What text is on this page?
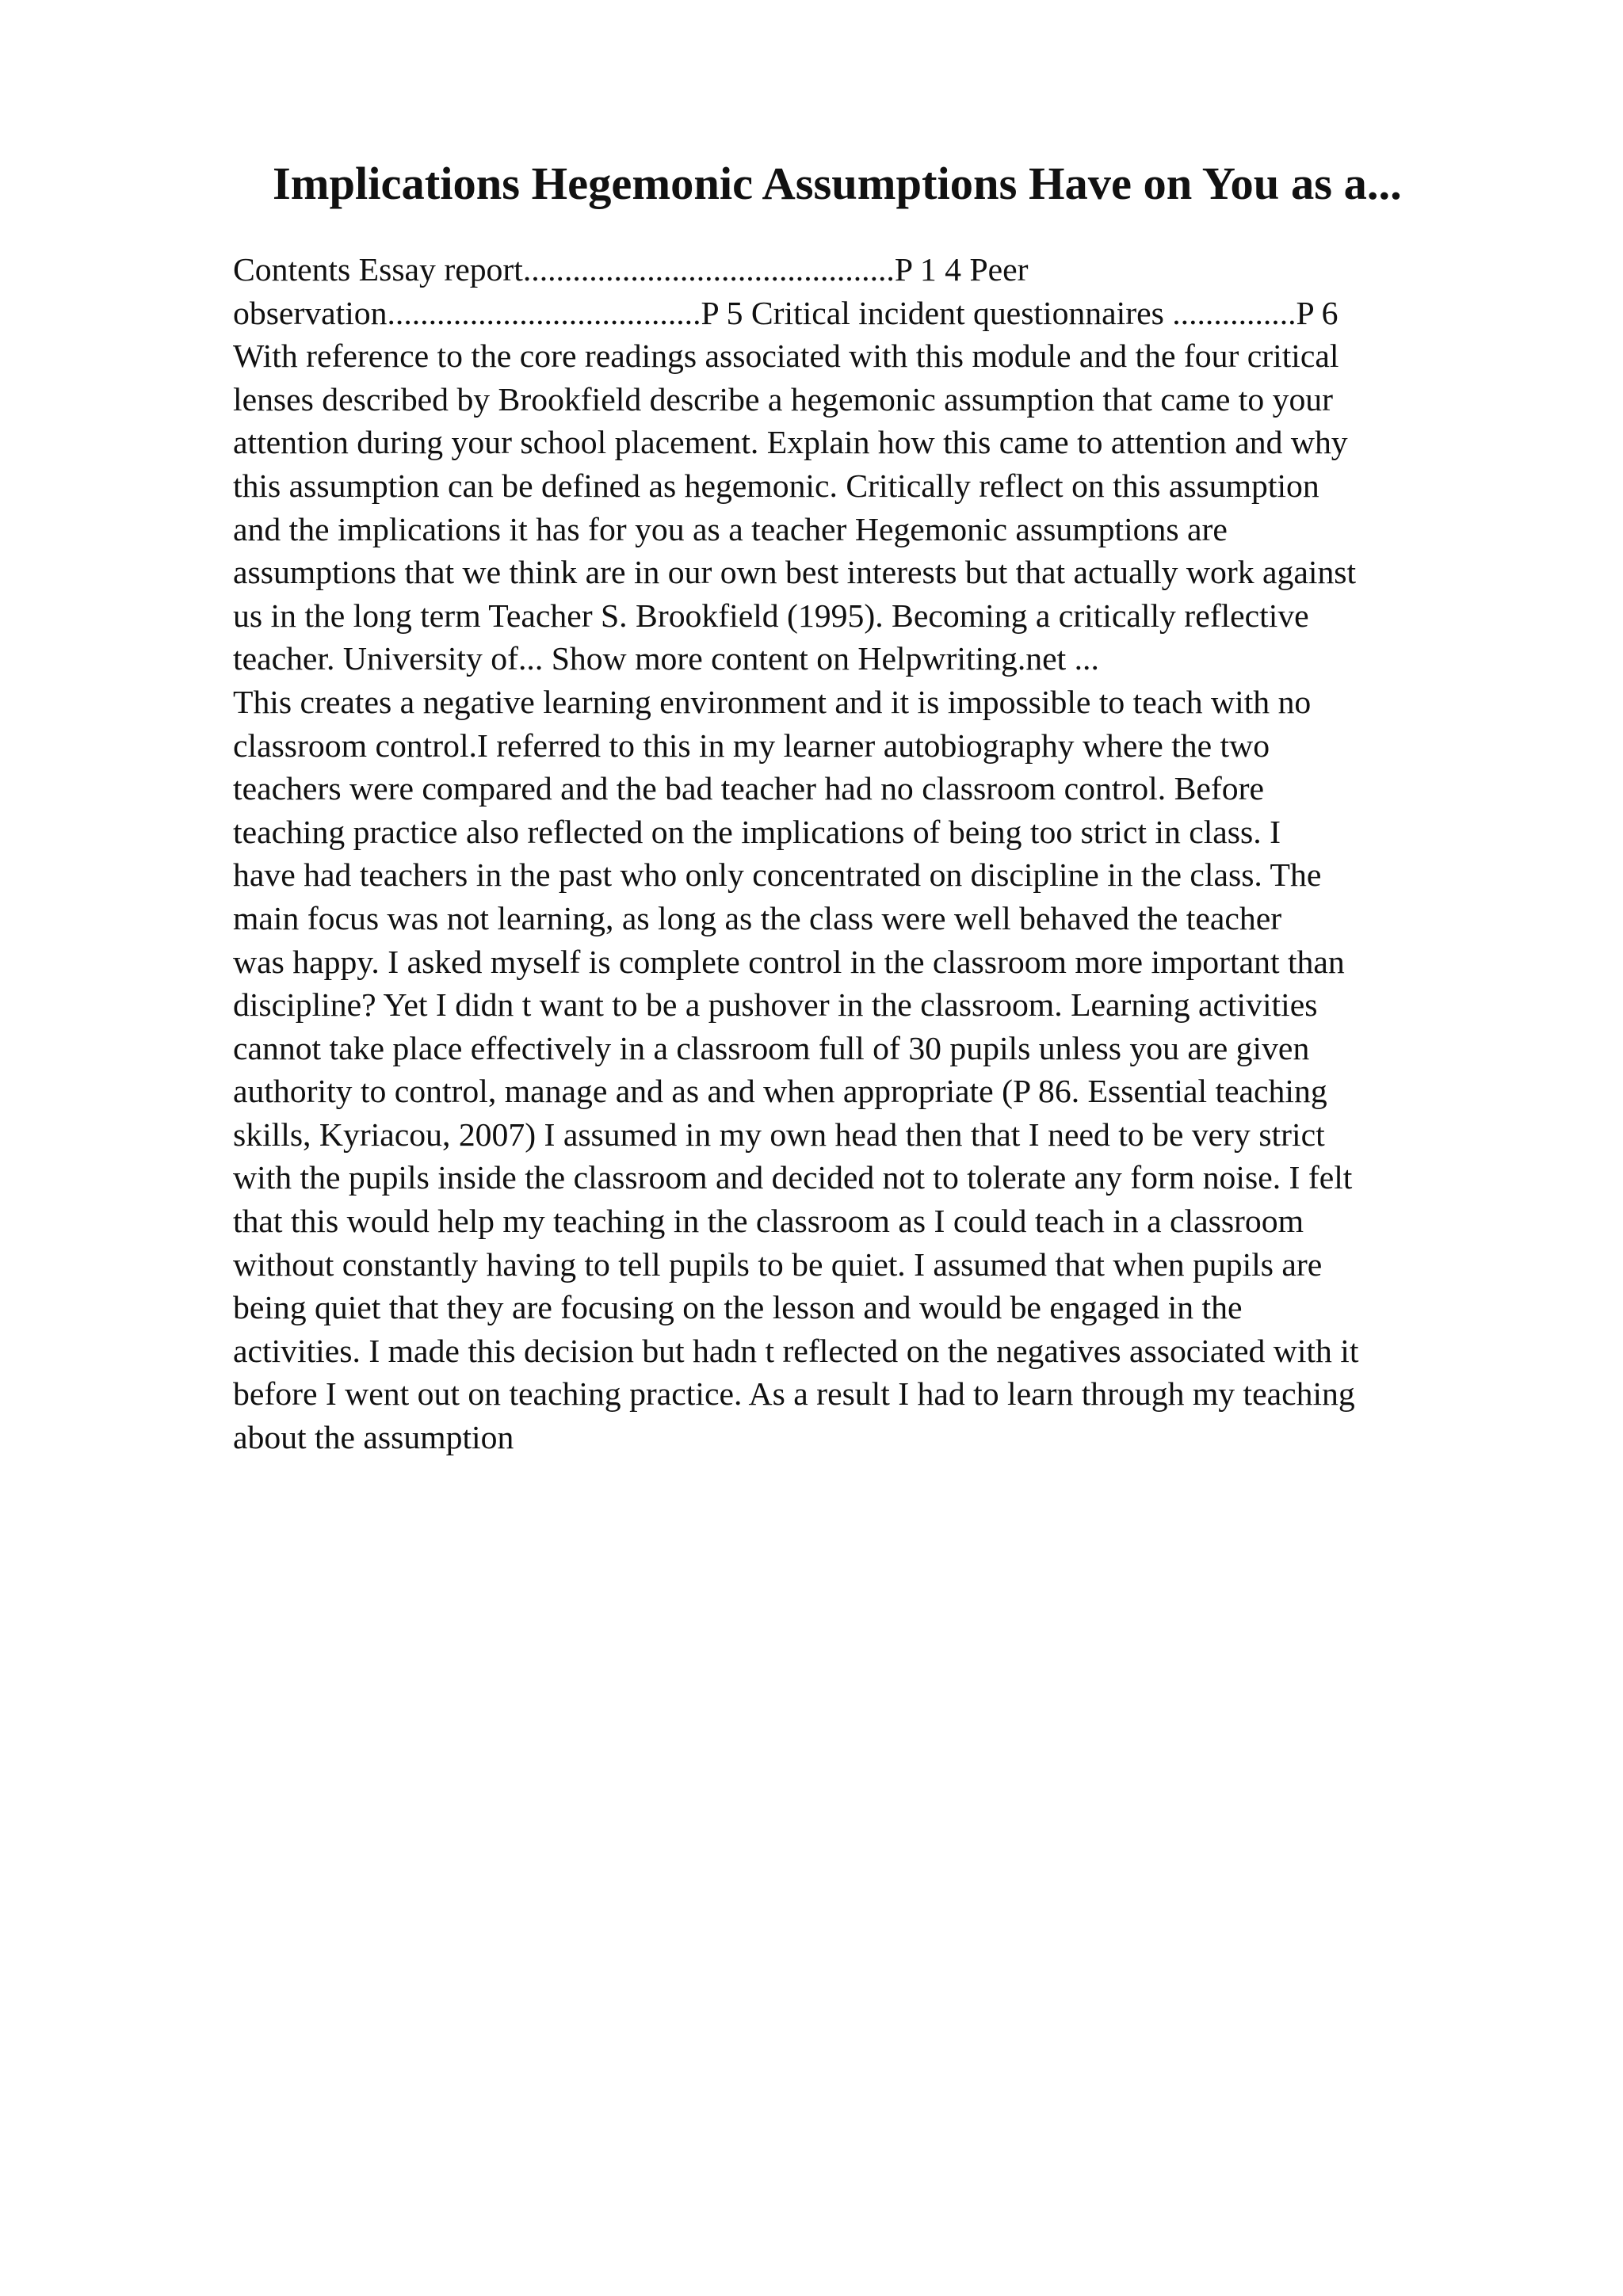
Implications Hegemonic Assumptions Have on You as a...
Contents Essay report.............................................P 1 4 Peer
observation......................................P 5 Critical incident questionnaires ...............P 6
With reference to the core readings associated with this module and the four critical
lenses described by Brookfield describe a hegemonic assumption that came to your
attention during your school placement. Explain how this came to attention and why
this assumption can be defined as hegemonic. Critically reflect on this assumption
and the implications it has for you as a teacher Hegemonic assumptions are
assumptions that we think are in our own best interests but that actually work against
us in the long term Teacher S. Brookfield (1995). Becoming a critically reflective
teacher. University of... Show more content on Helpwriting.net ...
This creates a negative learning environment and it is impossible to teach with no
classroom control.I referred to this in my learner autobiography where the two
teachers were compared and the bad teacher had no classroom control. Before
teaching practice also reflected on the implications of being too strict in class. I
have had teachers in the past who only concentrated on discipline in the class. The
main focus was not learning, as long as the class were well behaved the teacher
was happy. I asked myself is complete control in the classroom more important than
discipline? Yet I didn t want to be a pushover in the classroom. Learning activities
cannot take place effectively in a classroom full of 30 pupils unless you are given
authority to control, manage and as and when appropriate (P 86. Essential teaching
skills, Kyriacou, 2007) I assumed in my own head then that I need to be very strict
with the pupils inside the classroom and decided not to tolerate any form noise. I felt
that this would help my teaching in the classroom as I could teach in a classroom
without constantly having to tell pupils to be quiet. I assumed that when pupils are
being quiet that they are focusing on the lesson and would be engaged in the
activities. I made this decision but hadn t reflected on the negatives associated with it
before I went out on teaching practice. As a result I had to learn through my teaching
about the assumption
